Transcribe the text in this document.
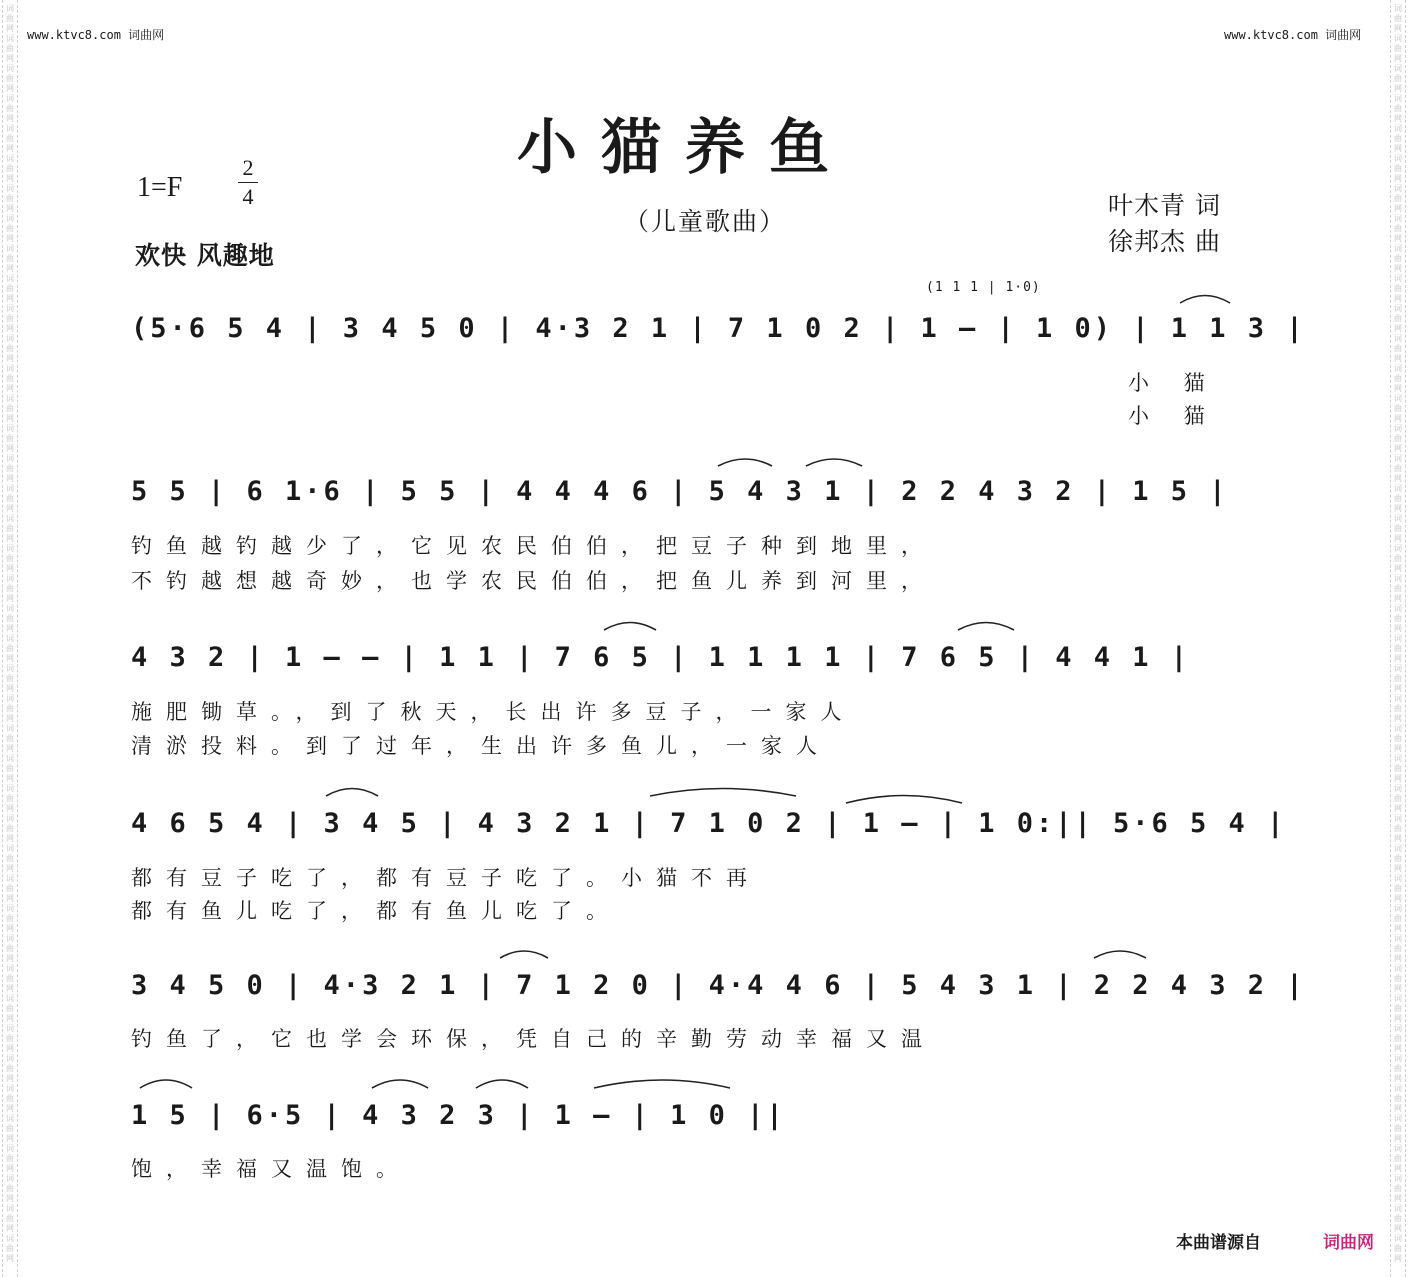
词
曲
网
词
曲
网
词
曲
网
词
曲
网
词
曲
网
词
曲
网
词
曲
网
词
曲
网
词
曲
网
词
曲
网
词
曲
网
词
曲
网
词
曲
网
词
曲
网
词
曲
网
词
曲
网
词
曲
网
词
曲
网
词
曲
网
词
曲
网
词
曲
网
词
曲
网
词
曲
网
词
曲
网
词
曲
网
词
曲
网
词
曲
网
词
曲
网
词
曲
网
词
曲
网
词
曲
网
词
曲
网
词
曲
网
词
曲
网
词
曲
网
词
曲
网
词
曲
网
词
曲
网
词
曲
网
词
曲
网
词
曲
网
词
曲
网
词
曲
网
词
曲
网
词
曲
网
词
曲
网
词
曲
网
词
曲
网
词
曲
网
词
曲
网
词
曲
网
词
曲
网
词
曲
网
词
曲
网
词
曲
网
词
曲
网
词
曲
网
词
曲
网
词
曲
网
词
曲
网
词
曲
网
词
曲
网
词
曲
网
词
曲
网
词
曲
网
词
曲
网
词
曲
网
词
曲
网
词
曲
网
词
曲
网
词
曲
网
词
曲
网
词
曲
网
词
曲
网
词
曲
网
词
曲
网
词
曲
网
词
曲
网
词
曲
网
词
曲
网
词
曲
网
词
曲
网
词
曲
网
词
曲
网
www.ktvc8.com 词曲网	www.ktvc8.com 词曲网
小猫养鱼
（儿童歌曲）
1=F
2
4
欢快 风趣地
叶木青 词
徐邦杰 曲
(1 1 1 | 1·0)
(5·6 5 4 | 3 4 5 0 | 4·3 2 1 | 7 1 0 2 | 1 — | 1 0) | 1 1 3 |
小 猫
小 猫
5 5 | 6 1·6 | 5 5 | 4 4 4 6 | 5 4 3 1 | 2 2 4 3 2 | 1 5 |
钓鱼越钓越少了，它见农民伯伯，把豆子种到地里，
不钓越想越奇妙，也学农民伯伯，把鱼儿养到河里，
4 3 2 | 1 — — | 1 1 | 7 6 5 | 1 1 1 1 | 7 6 5 | 4 4 1 |
施肥锄草。，到了秋天，长出许多豆子，一家人
清淤投料。到了过年，生出许多鱼儿，一家人
4 6 5 4 | 3 4 5 | 4 3 2 1 | 7 1 0 2 | 1 — | 1 0:|| 5·6 5 4 |
都有豆子吃了，都有豆子吃了。小猫不再
都有鱼儿吃了，都有鱼儿吃了。
3 4 5 0 | 4·3 2 1 | 7 1 2 0 | 4·4 4 6 | 5 4 3 1 | 2 2 4 3 2 |
钓鱼了，它也学会环保，凭自己的辛勤劳动幸福又温
1 5 | 6·5 | 4 3 2 3 | 1 — | 1 0 ||
饱，幸福又温饱。
本曲谱源自	词曲网
